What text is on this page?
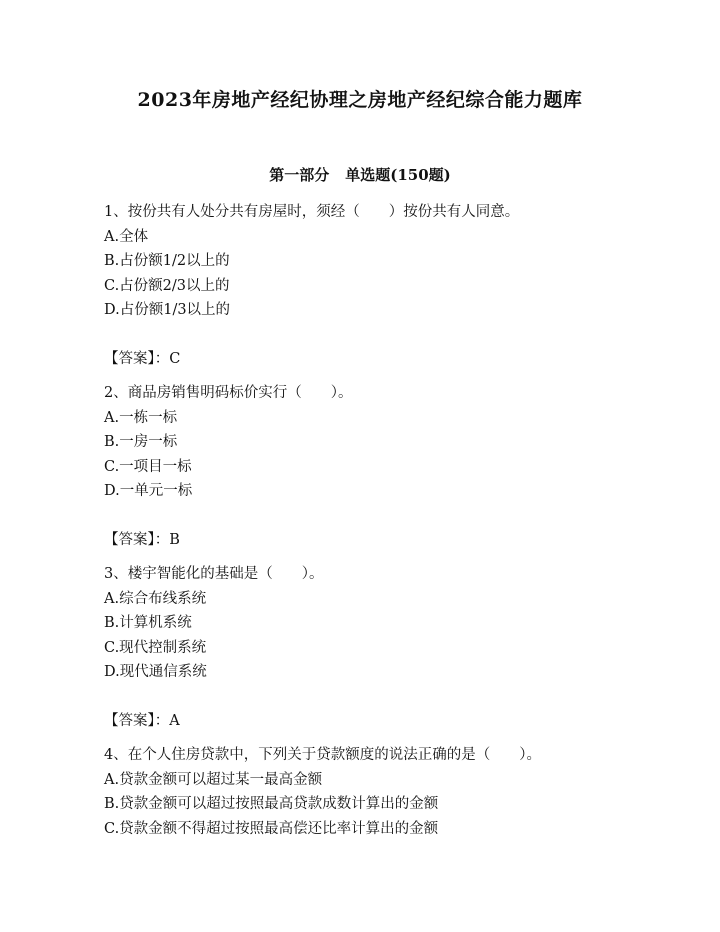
2023年房地产经纪协理之房地产经纪综合能力题库
第一部分 单选题(150题)
1、按份共有人处分共有房屋时，须经（　　）按份共有人同意。
A.全体
B.占份额1/2以上的
C.占份额2/3以上的
D.占份额1/3以上的
【答案】：C
2、商品房销售明码标价实行（　　）。
A.一栋一标
B.一房一标
C.一项目一标
D.一单元一标
【答案】：B
3、楼宇智能化的基础是（　　）。
A.综合布线系统
B.计算机系统
C.现代控制系统
D.现代通信系统
【答案】：A
4、在个人住房贷款中，下列关于贷款额度的说法正确的是（　　）。
A.贷款金额可以超过某一最高金额
B.贷款金额可以超过按照最高贷款成数计算出的金额
C.贷款金额不得超过按照最高偿还比率计算出的金额
